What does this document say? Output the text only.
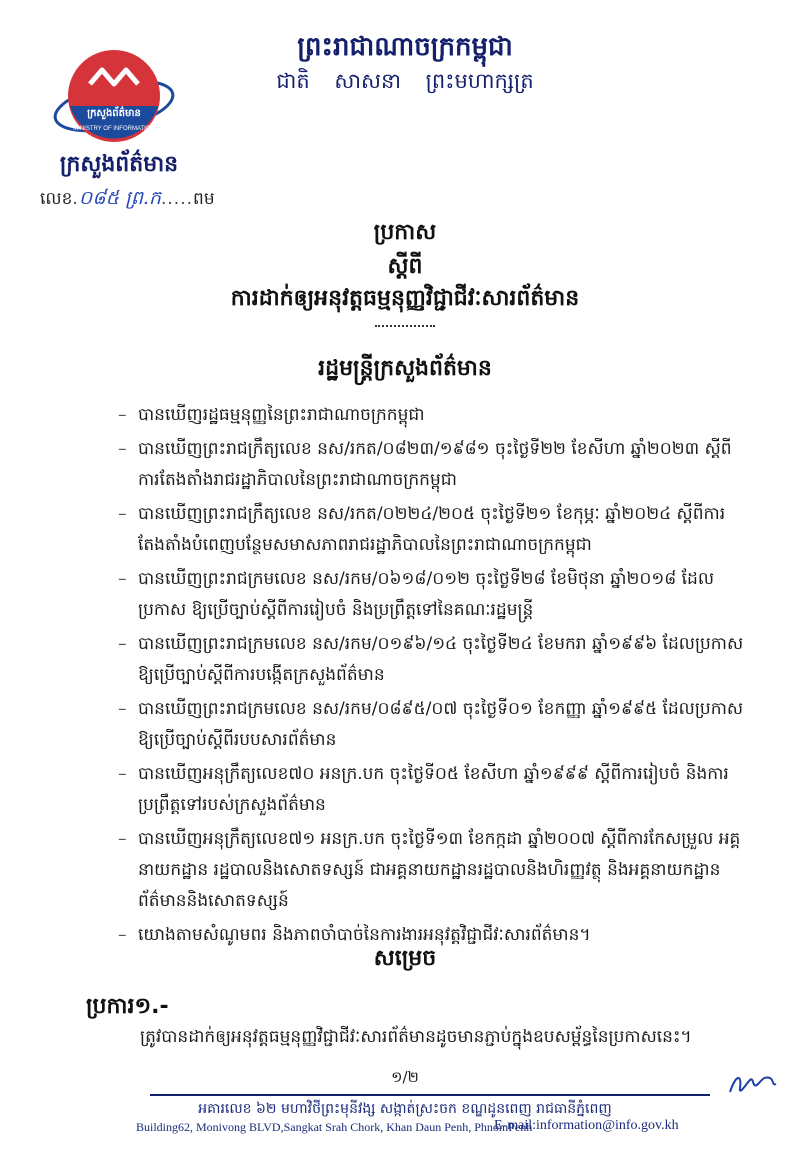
ព្រះរាជាណាចក្រកម្ពុជា
ជាតិ សាសនា ព្រះមហាក្សត្រ
ក្រសួងព័ត៌មាន
MINISTRY OF INFORMATION
ក្រសួងព័ត៌មាន
លេខ.០៨៥ ព្រ.ក.....ពម
ប្រកាស
ស្ដីពី
ការដាក់ឲ្យអនុវត្តធម្មនុញ្ញវិជ្ជាជីវៈសារព័ត៌មាន
រដ្ឋមន្ត្រីក្រសួងព័ត៌មាន
– បានឃើញរដ្ឋធម្មនុញ្ញនៃព្រះរាជាណាចក្រកម្ពុជា
– បានឃើញព្រះរាជក្រឹត្យលេខ នស/រកត/០៨២៣/១៩៨១ ចុះថ្ងៃទី២២ ខែសីហា ឆ្នាំ២០២៣ ស្តីពី ការតែងតាំងរាជរដ្ឋាភិបាលនៃព្រះរាជាណាចក្រកម្ពុជា
– បានឃើញព្រះរាជក្រឹត្យលេខ នស/រកត/០២២៤/២០៥ ចុះថ្ងៃទី២១ ខែកុម្ភៈ ឆ្នាំ២០២៤ ស្ដីពីការ តែងតាំងបំពេញបន្ថែមសមាសភាពរាជរដ្ឋាភិបាលនៃព្រះរាជាណាចក្រកម្ពុជា
– បានឃើញព្រះរាជក្រមលេខ នស/រកម/០៦១៨/០១២ ចុះថ្ងៃទី២៨ ខែមិថុនា ឆ្នាំ២០១៨ ដែលប្រកាស ឱ្យប្រើច្បាប់ស្ដីពីការរៀបចំ និងប្រព្រឹត្តទៅនៃគណៈរដ្ឋមន្ត្រី
– បានឃើញព្រះរាជក្រមលេខ នស/រកម/០១៩៦/១៤ ចុះថ្ងៃទី២៤ ខែមករា ឆ្នាំ១៩៩៦ ដែលប្រកាស ឱ្យប្រើច្បាប់ស្ដីពីការបង្កើតក្រសួងព័ត៌មាន
– បានឃើញព្រះរាជក្រមលេខ នស/រកម/០៨៩៥/០៧ ចុះថ្ងៃទី០១ ខែកញ្ញា ឆ្នាំ១៩៩៥ ដែលប្រកាស ឱ្យប្រើច្បាប់ស្ដីពីរបបសារព័ត៌មាន
– បានឃើញអនុក្រឹត្យលេខ៧០ អនក្រ.បក ចុះថ្ងៃទី០៥ ខែសីហា ឆ្នាំ១៩៩៩ ស្ដីពីការរៀបចំ និងការ ប្រព្រឹត្តទៅរបស់ក្រសួងព័ត៌មាន
– បានឃើញអនុក្រឹត្យលេខ៧១ អនក្រ.បក ចុះថ្ងៃទី១៣ ខែកក្កដា ឆ្នាំ២០០៧ ស្ដីពីការកែសម្រួល អគ្គនាយកដ្ឋាន រដ្ឋបាលនិងសោតទស្សន៍ ជាអគ្គនាយកដ្ឋានរដ្ឋបាលនិងហិរញ្ញវត្ថុ និងអគ្គនាយកដ្ឋាន ព័ត៌មាននិងសោតទស្សន៍
– យោងតាមសំណូមពរ និងភាពចាំបាច់នៃការងារអនុវត្តវិជ្ជាជីវៈសារព័ត៌មាន។
សម្រេច
ប្រការ១.-
ត្រូវបានដាក់ឲ្យអនុវត្តធម្មនុញ្ញវិជ្ជាជីវៈសារព័ត៌មានដូចមានភ្ជាប់ក្នុងឧបសម្ព័ន្ធនៃប្រកាសនេះ។
១/២
អគារលេខ ៦២ មហាវិថីព្រះមុនីវង្ស សង្កាត់ស្រះចក ខណ្ឌដូនពេញ រាជធានីភ្នំពេញ
Building62, Monivong BLVD,Sangkat Srah Chork, Khan Daun Penh, PhnomPenh
E-mail:information@info.gov.kh
